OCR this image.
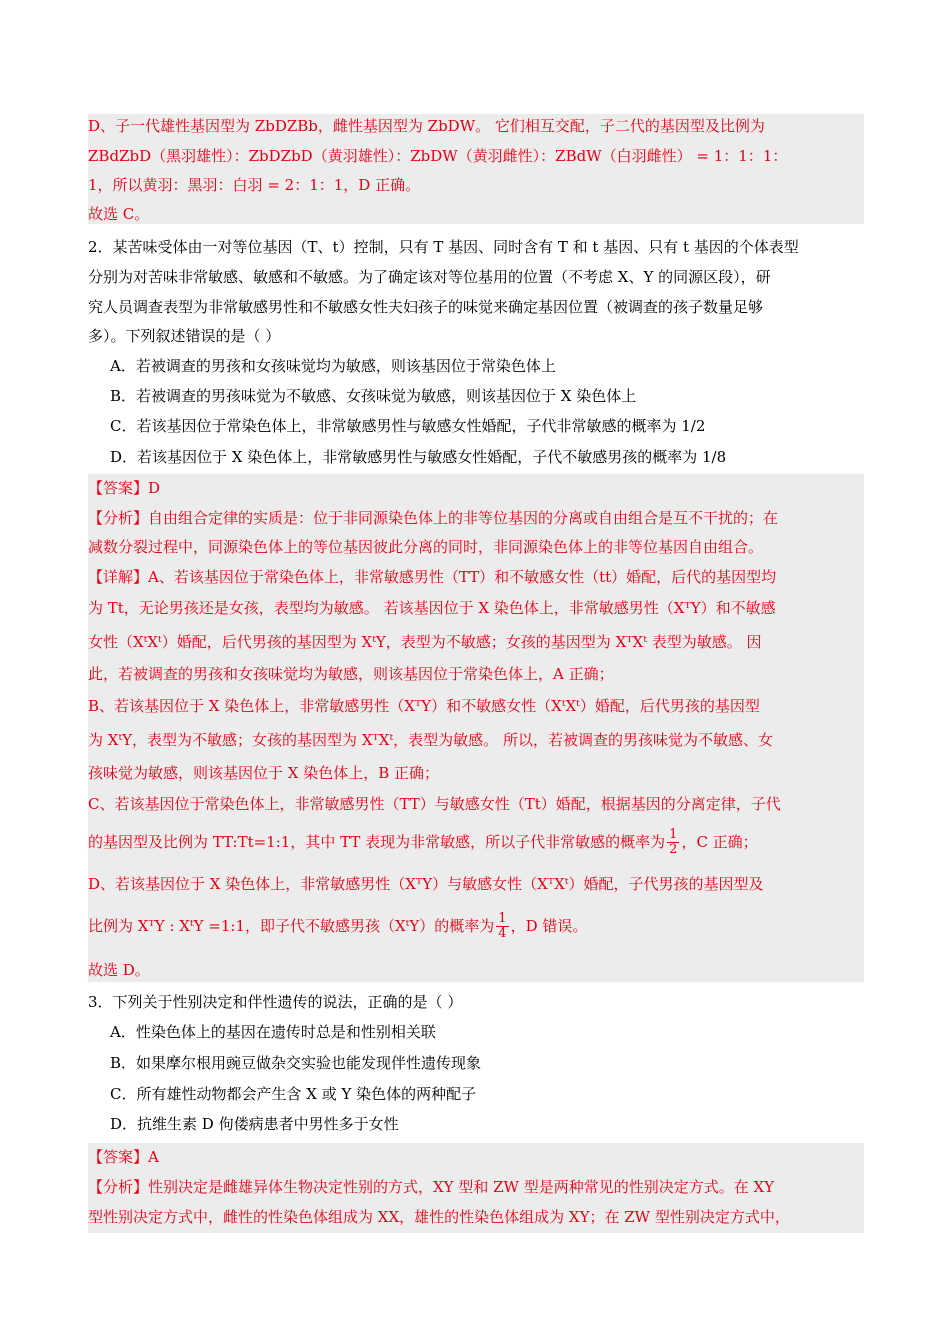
D、子一代雄性基因型为 ZbDZBb，雌性基因型为 ZbDW。 它们相互交配，子二代的基因型及比例为
ZBdZbD（黑羽雄性）：ZbDZbD（黄羽雄性）：ZbDW（黄羽雌性）：ZBdW（白羽雌性） = 1：1：1：
1，所以黄羽：黑羽：白羽 = 2：1：1，D 正确。
故选 C。
2．某苦味受体由一对等位基因（T、t）控制，只有 T 基因、同时含有 T 和 t 基因、只有 t 基因的个体表型
分别为对苦味非常敏感、敏感和不敏感。为了确定该对等位基用的位置（不考虑 X、Y 的同源区段），研
究人员调查表型为非常敏感男性和不敏感女性夫妇孩子的味觉来确定基因位置（被调查的孩子数量足够
多）。下列叙述错误的是（ ）
A．若被调查的男孩和女孩味觉均为敏感，则该基因位于常染色体上
B．若被调查的男孩味觉为不敏感、女孩味觉为敏感，则该基因位于 X 染色体上
C．若该基因位于常染色体上，非常敏感男性与敏感女性婚配，子代非常敏感的概率为 1/2
D．若该基因位于 X 染色体上，非常敏感男性与敏感女性婚配，子代不敏感男孩的概率为 1/8
【答案】D
【分析】自由组合定律的实质是：位于非同源染色体上的非等位基因的分离或自由组合是互不干扰的；在
减数分裂过程中，同源染色体上的等位基因彼此分离的同时，非同源染色体上的非等位基因自由组合。
【详解】A、若该基因位于常染色体上，非常敏感男性（TT）和不敏感女性（tt）婚配，后代的基因型均
为 Tt，无论男孩还是女孩，表型均为敏感。 若该基因位于 X 染色体上，非常敏感男性（XᵀY）和不敏感
女性（XᵗXᵗ）婚配，后代男孩的基因型为 XᵗY，表型为不敏感；女孩的基因型为 XᵀXᵗ 表型为敏感。 因
此，若被调查的男孩和女孩味觉均为敏感，则该基因位于常染色体上，A 正确；
B、若该基因位于 X 染色体上，非常敏感男性（XᵀY）和不敏感女性（XᵗXᵗ）婚配，后代男孩的基因型
为 XᵗY，表型为不敏感；女孩的基因型为 XᵀXᵗ，表型为敏感。 所以，若被调查的男孩味觉为不敏感、女
孩味觉为敏感，则该基因位于 X 染色体上，B 正确；
C、若该基因位于常染色体上，非常敏感男性（TT）与敏感女性（Tt）婚配，根据基因的分离定律，子代
的基因型及比例为 TT:Tt=1:1，其中 TT 表现为非常敏感，所以子代非常敏感的概率为 $\frac{1}{2}$ ，C 正确；
D、若该基因位于 X 染色体上，非常敏感男性（XᵀY）与敏感女性（XᵀXᵗ）婚配，子代男孩的基因型及
比例为 XᵀY : XᵗY =1:1，即子代不敏感男孩（XᵗY）的概率为 $\frac{1}{4}$ ，D 错误。
故选 D。
3．下列关于性别决定和伴性遗传的说法，正确的是（ ）
A．性染色体上的基因在遗传时总是和性别相关联
B．如果摩尔根用豌豆做杂交实验也能发现伴性遗传现象
C．所有雄性动物都会产生含 X 或 Y 染色体的两种配子
D．抗维生素 D 佝偻病患者中男性多于女性
【答案】A
【分析】性别决定是雌雄异体生物决定性别的方式，XY 型和 ZW 型是两种常见的性别决定方式。在 XY
型性别决定方式中，雌性的性染色体组成为 XX，雄性的性染色体组成为 XY；在 ZW 型性别决定方式中，
